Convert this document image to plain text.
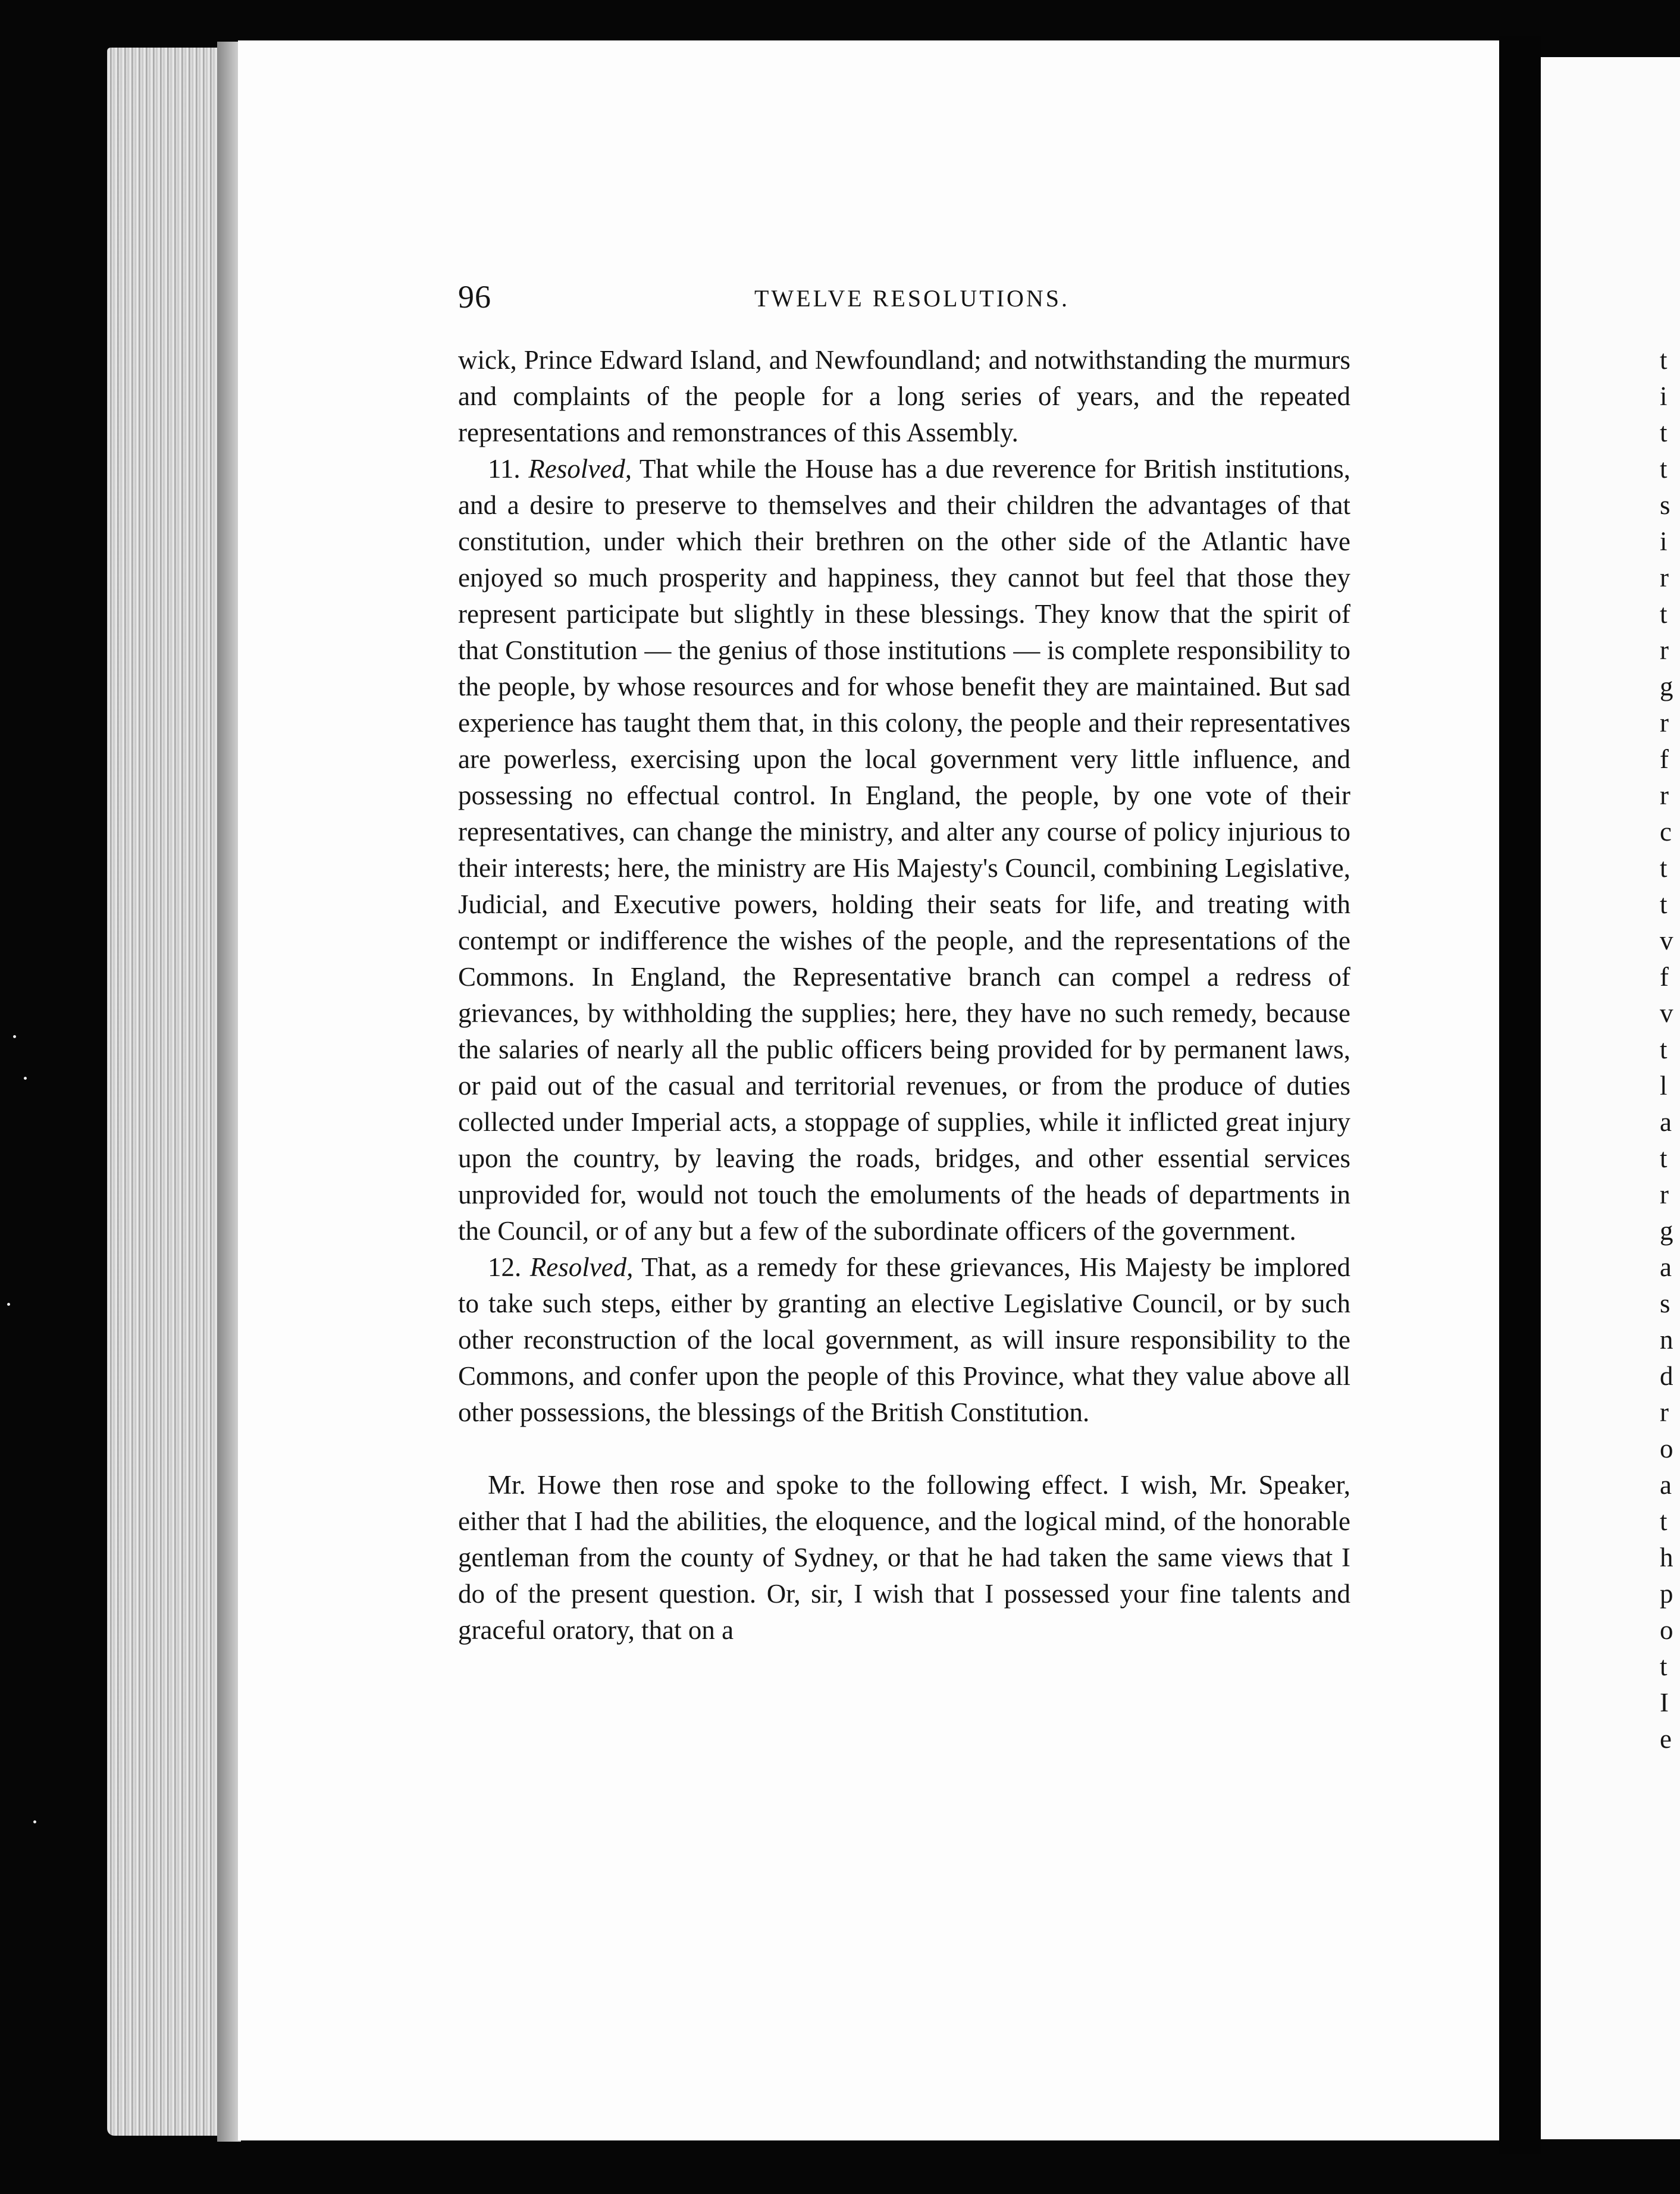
96	TWELVE RESOLUTIONS.

wick, Prince Edward Island, and Newfoundland; and notwithstanding the murmurs and complaints of the people for a long series of years, and the repeated representations and remonstrances of this Assembly.

11. Resolved, That while the House has a due reverence for British institutions, and a desire to preserve to themselves and their children the advantages of that constitution, under which their brethren on the other side of the Atlantic have enjoyed so much prosperity and happiness, they cannot but feel that those they represent participate but slightly in these blessings. They know that the spirit of that Constitution — the genius of those institutions — is complete responsibility to the people, by whose resources and for whose benefit they are maintained. But sad experience has taught them that, in this colony, the people and their representatives are powerless, exercising upon the local government very little influence, and possessing no effectual control. In England, the people, by one vote of their representatives, can change the ministry, and alter any course of policy injurious to their interests; here, the ministry are His Majesty's Council, combining Legislative, Judicial, and Executive powers, holding their seats for life, and treating with contempt or indifference the wishes of the people, and the representations of the Commons. In England, the Representative branch can compel a redress of grievances, by withholding the supplies; here, they have no such remedy, because the salaries of nearly all the public officers being provided for by permanent laws, or paid out of the casual and territorial revenues, or from the produce of duties collected under Imperial acts, a stoppage of supplies, while it inflicted great injury upon the country, by leaving the roads, bridges, and other essential services unprovided for, would not touch the emoluments of the heads of departments in the Council, or of any but a few of the subordinate officers of the government.

12. Resolved, That, as a remedy for these grievances, His Majesty be implored to take such steps, either by granting an elective Legislative Council, or by such other reconstruction of the local government, as will insure responsibility to the Commons, and confer upon the people of this Province, what they value above all other possessions, the blessings of the British Constitution.

Mr. Howe then rose and spoke to the following effect. I wish, Mr. Speaker, either that I had the abilities, the eloquence, and the logical mind, of the honorable gentleman from the county of Sydney, or that he had taken the same views that I do of the present question. Or, sir, I wish that I possessed your fine talents and graceful oratory, that on a

t
i
t
t
s
i
r
t
r
g
r
f
r
c
t
t
v
f
v
t
l
a
t
r
g
a
s
n
d
r
o
a
t
h
p
o
t
I
e
